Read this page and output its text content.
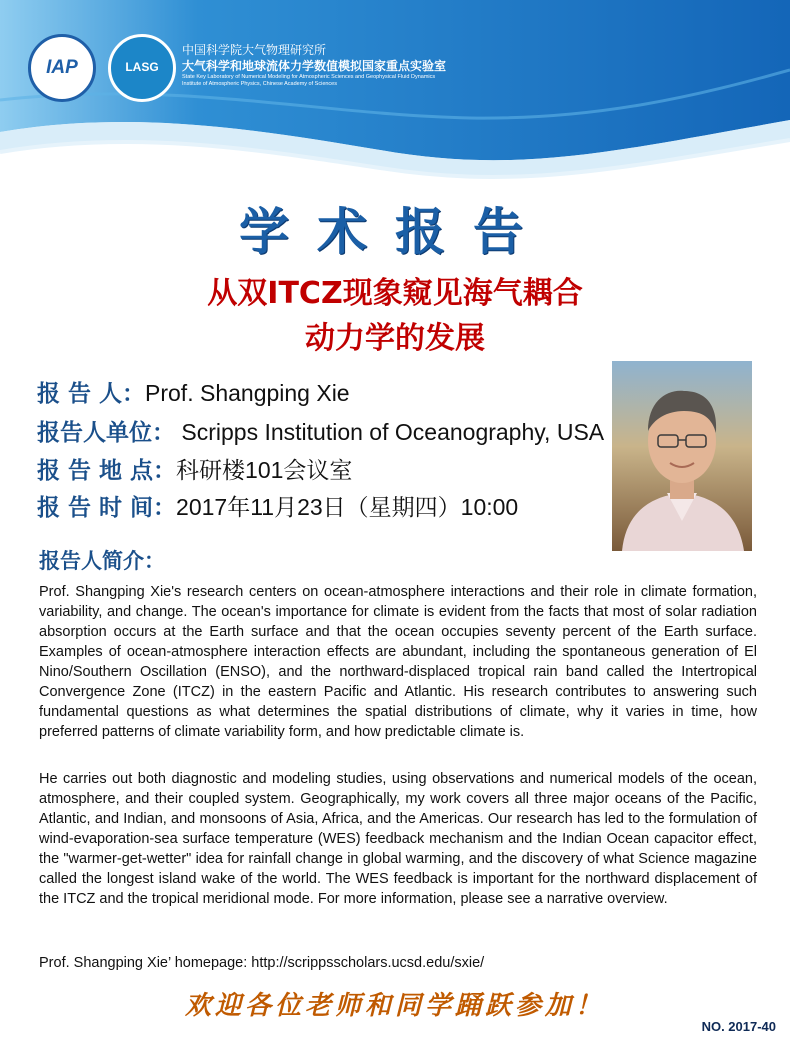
IAP	LASG
中国科学院大气物理研究所
大气科学和地球流体力学数值模拟国家重点实验室
State Key Laboratory of Numerical Modeling for Atmospheric Sciences and Geophysical Fluid Dynamics
Institute of Atmospheric Physics, Chinese Academy of Sciences
学术报告
从双ITCZ现象窥见海气耦合
动力学的发展
报 告 人：Prof. Shangping Xie
报告人单位： Scripps Institution of Oceanography, USA
报 告 地 点：科研楼101会议室
报 告 时 间：2017年11月23日（星期四）10:00
报告人简介：
Prof. Shangping Xie's research centers on ocean-atmosphere interactions and their role in climate formation, variability, and change. The ocean's importance for climate is evident from the facts that most of solar radiation absorption occurs at the Earth surface and that the ocean occupies seventy percent of the Earth surface. Examples of ocean-atmosphere interaction effects are abundant, including the spontaneous generation of El Nino/Southern Oscillation (ENSO), and the northward-displaced tropical rain band called the Intertropical Convergence Zone (ITCZ) in the eastern Pacific and Atlantic. His research contributes to answering such fundamental questions as what determines the spatial distributions of climate, why it varies in time, how preferred patterns of climate variability form, and how predictable climate is.
He carries out both diagnostic and modeling studies, using observations and numerical models of the ocean, atmosphere, and their coupled system. Geographically, my work covers all three major oceans of the Pacific, Atlantic, and Indian, and monsoons of Asia, Africa, and the Americas. Our research has led to the formulation of wind-evaporation-sea surface temperature (WES) feedback mechanism and the Indian Ocean capacitor effect, the "warmer-get-wetter" idea for rainfall change in global warming, and the discovery of what Science magazine called the longest island wake of the world. The WES feedback is important for the northward displacement of the ITCZ and the tropical meridional mode. For more information, please see a narrative overview.
Prof. Shangping Xie’ homepage: http://scrippsscholars.ucsd.edu/sxie/
欢迎各位老师和同学踊跃参加！
NO. 2017-40
